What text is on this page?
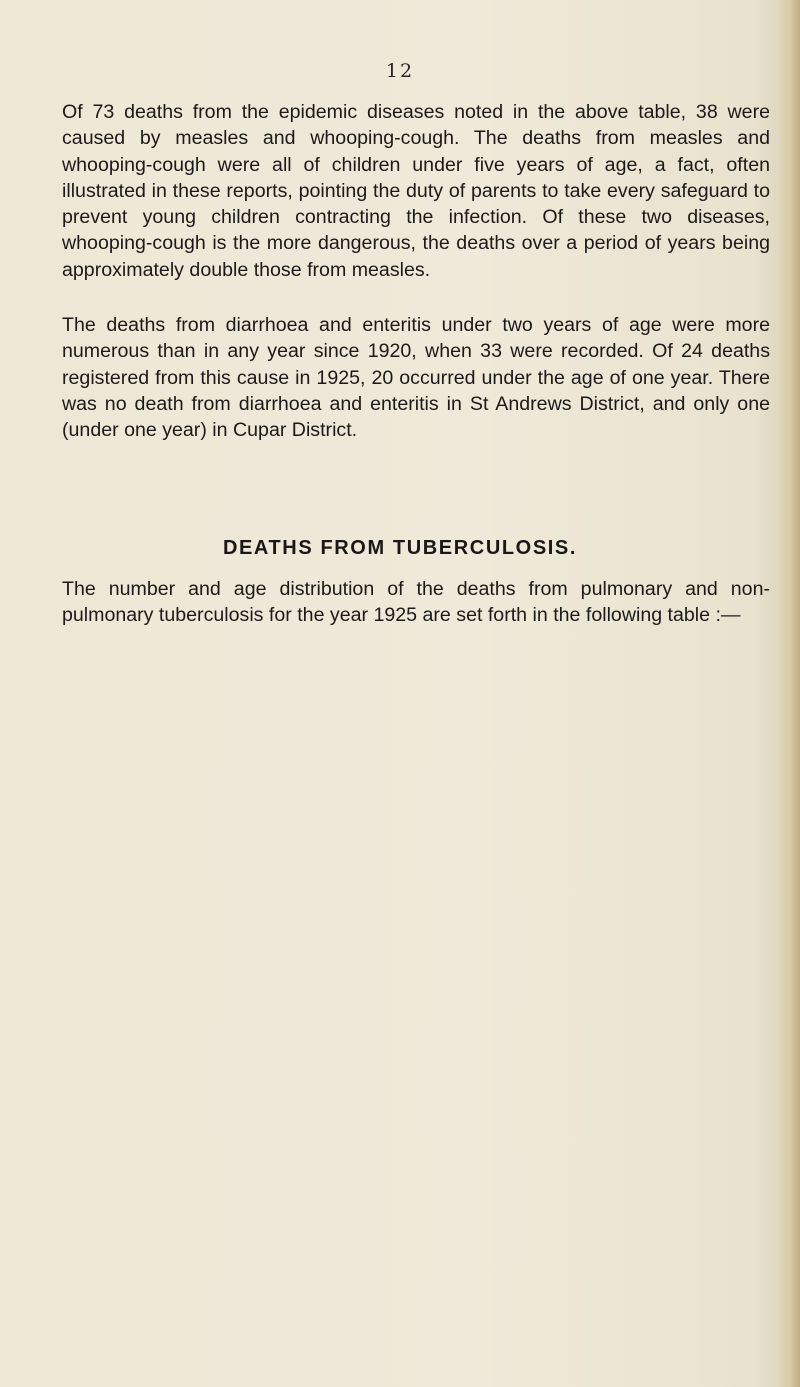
12

Of 73 deaths from the epidemic diseases noted in the above table, 38 were caused by measles and whooping-cough. The deaths from measles and whooping-cough were all of children under five years of age, a fact, often illustrated in these reports, pointing the duty of parents to take every safeguard to prevent young children contracting the infection. Of these two diseases, whooping-cough is the more dangerous, the deaths over a period of years being approximately double those from measles.

The deaths from diarrhoea and enteritis under two years of age were more numerous than in any year since 1920, when 33 were recorded. Of 24 deaths registered from this cause in 1925, 20 occurred under the age of one year. There was no death from diarrhoea and enteritis in St Andrews District, and only one (under one year) in Cupar District.

DEATHS FROM TUBERCULOSIS.

The number and age distribution of the deaths from pulmonary and non-pulmonary tuberculosis for the year 1925 are set forth in the following table :—
